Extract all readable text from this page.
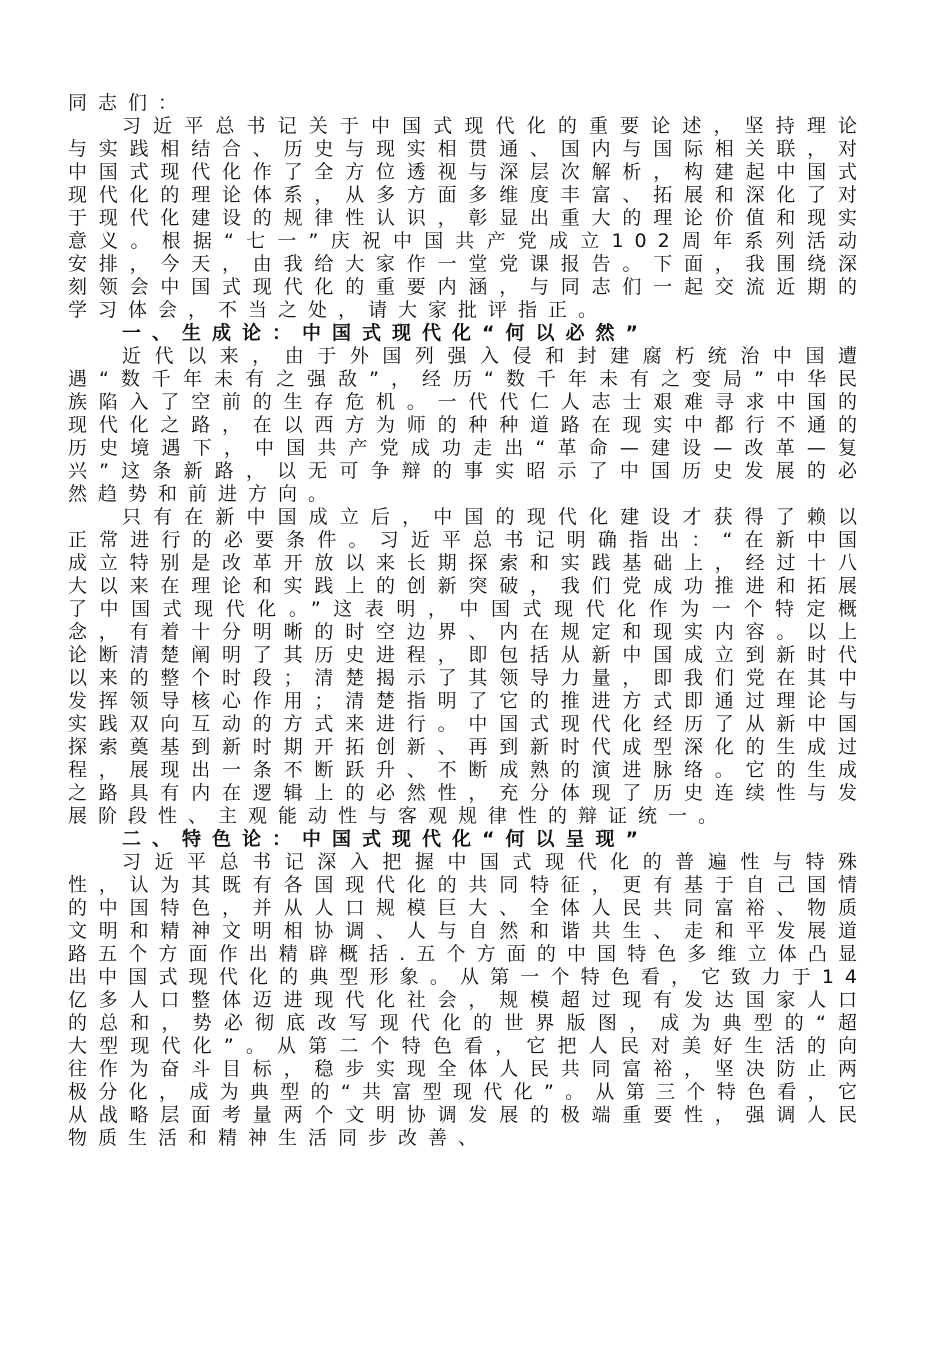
同志们：

习近平总书记关于中国式现代化的重要论述，坚持理论与实践相结合、历史与现实相贯通、国内与国际相关联，对中国式现代化作了全方位透视与深层次解析，构建起中国式现代化的理论体系，从多方面多维度丰富、拓展和深化了对于现代化建设的规律性认识，彰显出重大的理论价值和现实意义。根据“七一”庆祝中国共产党成立102周年系列活动安排，今天，由我给大家作一堂党课报告。下面，我围绕深刻领会中国式现代化的重要内涵，与同志们一起交流近期的学习体会，不当之处，请大家批评指正。

一、生成论：中国式现代化“何以必然”

近代以来，由于外国列强入侵和封建腐朽统治中国遭遇“数千年未有之强敌”，经历“数千年未有之变局”中华民族陷入了空前的生存危机。一代代仁人志士艰难寻求中国的现代化之路，在以西方为师的种种道路在现实中都行不通的历史境遇下，中国共产党成功走出“革命—建设—改革—复兴”这条新路，以无可争辩的事实昭示了中国历史发展的必然趋势和前进方向。

只有在新中国成立后，中国的现代化建设才获得了赖以正常进行的必要条件。习近平总书记明确指出：“在新中国成立特别是改革开放以来长期探索和实践基础上，经过十八大以来在理论和实践上的创新突破，我们党成功推进和拓展了中国式现代化。”这表明，中国式现代化作为一个特定概念，有着十分明晰的时空边界、内在规定和现实内容。以上论断清楚阐明了其历史进程，即包括从新中国成立到新时代以来的整个时段；清楚揭示了其领导力量，即我们党在其中发挥领导核心作用；清楚指明了它的推进方式即通过理论与实践双向互动的方式来进行。中国式现代化经历了从新中国探索奠基到新时期开拓创新、再到新时代成型深化的生成过程，展现出一条不断跃升、不断成熟的演进脉络。它的生成之路具有内在逻辑上的必然性，充分体现了历史连续性与发展阶段性、主观能动性与客观规律性的辩证统一。

二、特色论：中国式现代化“何以呈现”

习近平总书记深入把握中国式现代化的普遍性与特殊性，认为其既有各国现代化的共同特征，更有基于自己国情的中国特色，并从人口规模巨大、全体人民共同富裕、物质文明和精神文明相协调、人与自然和谐共生、走和平发展道路五个方面作出精辟概括.五个方面的中国特色多维立体凸显出中国式现代化的典型形象。从第一个特色看，它致力于14亿多人口整体迈进现代化社会，规模超过现有发达国家人口的总和，势必彻底改写现代化的世界版图，成为典型的“超大型现代化”。从第二个特色看，它把人民对美好生活的向往作为奋斗目标，稳步实现全体人民共同富裕，坚决防止两极分化，成为典型的“共富型现代化”。从第三个特色看，它从战略层面考量两个文明协调发展的极端重要性，强调人民物质生活和精神生活同步改善、
